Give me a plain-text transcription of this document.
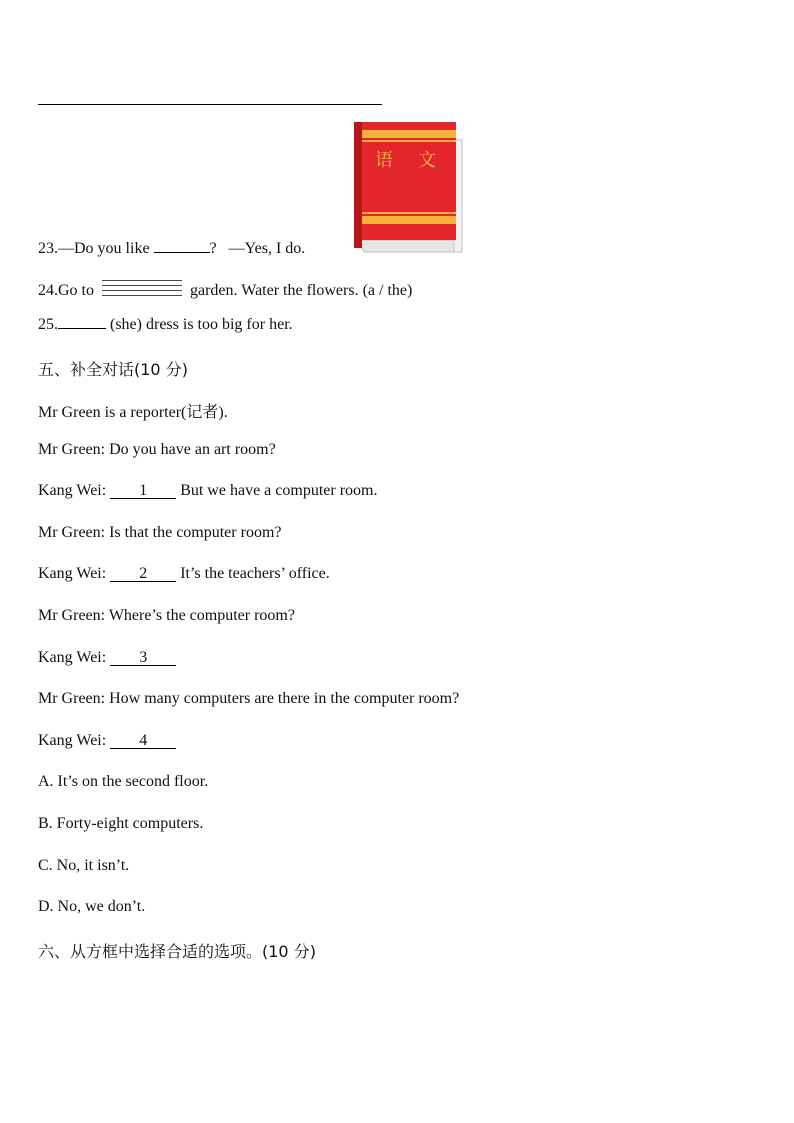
语 文
23.—Do you like	? —Yes, I do.
24.Go to	garden. Water the flowers. (a / the)
25.	(she) dress is too big for her.
五、补全对话(10 分)
Mr Green is a reporter(记者).
Mr Green: Do you have an art room?
Kang Wei: 1 But we have a computer room.
Mr Green: Is that the computer room?
Kang Wei: 2 It’s the teachers’ office.
Mr Green: Where’s the computer room?
Kang Wei: 3
Mr Green: How many computers are there in the computer room?
Kang Wei: 4
A. It’s on the second floor.
B. Forty-eight computers.
C. No, it isn’t.
D. No, we don’t.
六、从方框中选择合适的选项。(10 分)
